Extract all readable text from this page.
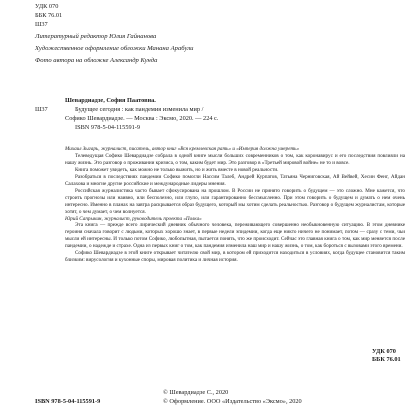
УДК 070
ББК 76.01
Ш37
Литературный редактор Юлия Гайнанова
Художественное оформление обложки Манана Арабули
Фото автора на обложке Александр Кунда
Ш37
Шевардиадзе, София Паатовна.
Будущее сегодня : как пандемия изменила мир /
Софико Шевардиадзе. — Москва : Эксмо, 2020. — 224 с.
ISBN 978-5-04-115591-9

Михаил Зыгарь, журналист, писатель, автор книг «Вся кремлевская рать» и «Империя должна умереть»

Телеведущая Софико Шевардиадзе собрала в одной книге мысли больших современников о том, как коронавирус и его последствия повлияли на нашу жизнь. Это разговор о проживании кризиса, о том, каким будет мир. Это разговор в «Третьей мировой войне» не то и вовсе.

Книга поможет увидеть, как можно не только выжить, но и жить вместе в новой реальности.

Разобраться в последствиях пандемии Софико помогли Нассим Талеб, Андрей Курпатов, Татьяна Черниговская, Ай Вейвей, Хесин Фенг, Айдан Салахова и многие другие российские и международные лидеры мнения.

Российская журналистика часто бывает сфокусирована на прошлом. В России не принято говорить о будущем — это сложно. Мне кажется, что строить прогнозы или наивно, или бесполезно, или глупо, или гарантированно бессмысленно. При этом говорить о будущем и думать о нем очень интересно. Именно в планах на завтра раскрывается образ будущего, который мы хотим сделать реальностью. Разговор о будущем журналистам, которые хотят, о чем думает, о чем волнуется.

Юрий Сапрыкин, журналист, руководитель проекта «Полка»

Эта книга — прежде всего лирический дневник обычного человека, переживающего совершенно необыкновенную ситуацию. В этом дневнике героиня сначала говорит с людьми, которых хорошо знает, в первые недели эпидемии, когда еще никто ничего не понимает, потом — сразу с теми, чьи мысли ей интересны. И только потом Софико, любопытная, пытается понять, что же происходит. Сейчас это главная книга о том, как мир меняется после пандемии, о надежде и страхе. Одна из первых книг о том, как пандемия изменила наш мир и нашу жизнь, о том, как бороться с вызовами этого времени.

Софико Шевардиадзе в этой книге открывает читателю свой мир, в котором ей приходится находиться в условиях, когда будущее становится таким близким: вирусология и кухонные споры, мировая политика и личная история.

УДК 070
ББК 76.01
© Шевардиадзе С., 2020
ISBN 978-5-04-115591-9	© Оформление. ООО «Издательство «Эксмо», 2020
